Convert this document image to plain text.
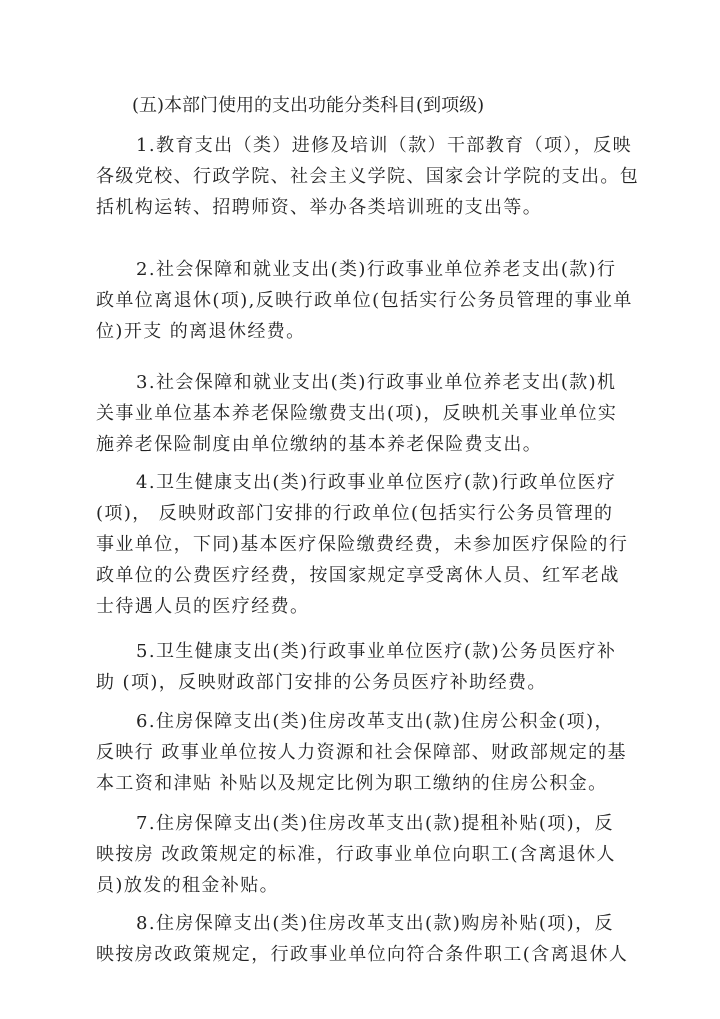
(五)本部门使用的支出功能分类科目(到项级)
1.教育支出（类）进修及培训（款）干部教育（项），反映
各级党校、行政学院、社会主义学院、国家会计学院的支出。包
括机构运转、招聘师资、举办各类培训班的支出等。
2.社会保障和就业支出(类)行政事业单位养老支出(款)行
政单位离退休(项),反映行政单位(包括实行公务员管理的事业单
位)开支 的离退休经费。
3.社会保障和就业支出(类)行政事业单位养老支出(款)机
关事业单位基本养老保险缴费支出(项)，反映机关事业单位实
施养老保险制度由单位缴纳的基本养老保险费支出。
4.卫生健康支出(类)行政事业单位医疗(款)行政单位医疗
(项)， 反映财政部门安排的行政单位(包括实行公务员管理的
事业单位，下同)基本医疗保险缴费经费，未参加医疗保险的行
政单位的公费医疗经费，按国家规定享受离休人员、红军老战
士待遇人员的医疗经费。
5.卫生健康支出(类)行政事业单位医疗(款)公务员医疗补
助 (项)，反映财政部门安排的公务员医疗补助经费。
6.住房保障支出(类)住房改革支出(款)住房公积金(项)，
反映行 政事业单位按人力资源和社会保障部、财政部规定的基
本工资和津贴 补贴以及规定比例为职工缴纳的住房公积金。
7.住房保障支出(类)住房改革支出(款)提租补贴(项)，反
映按房 改政策规定的标准，行政事业单位向职工(含离退休人
员)放发的租金补贴。
8.住房保障支出(类)住房改革支出(款)购房补贴(项)，反
映按房改政策规定，行政事业单位向符合条件职工(含离退休人
